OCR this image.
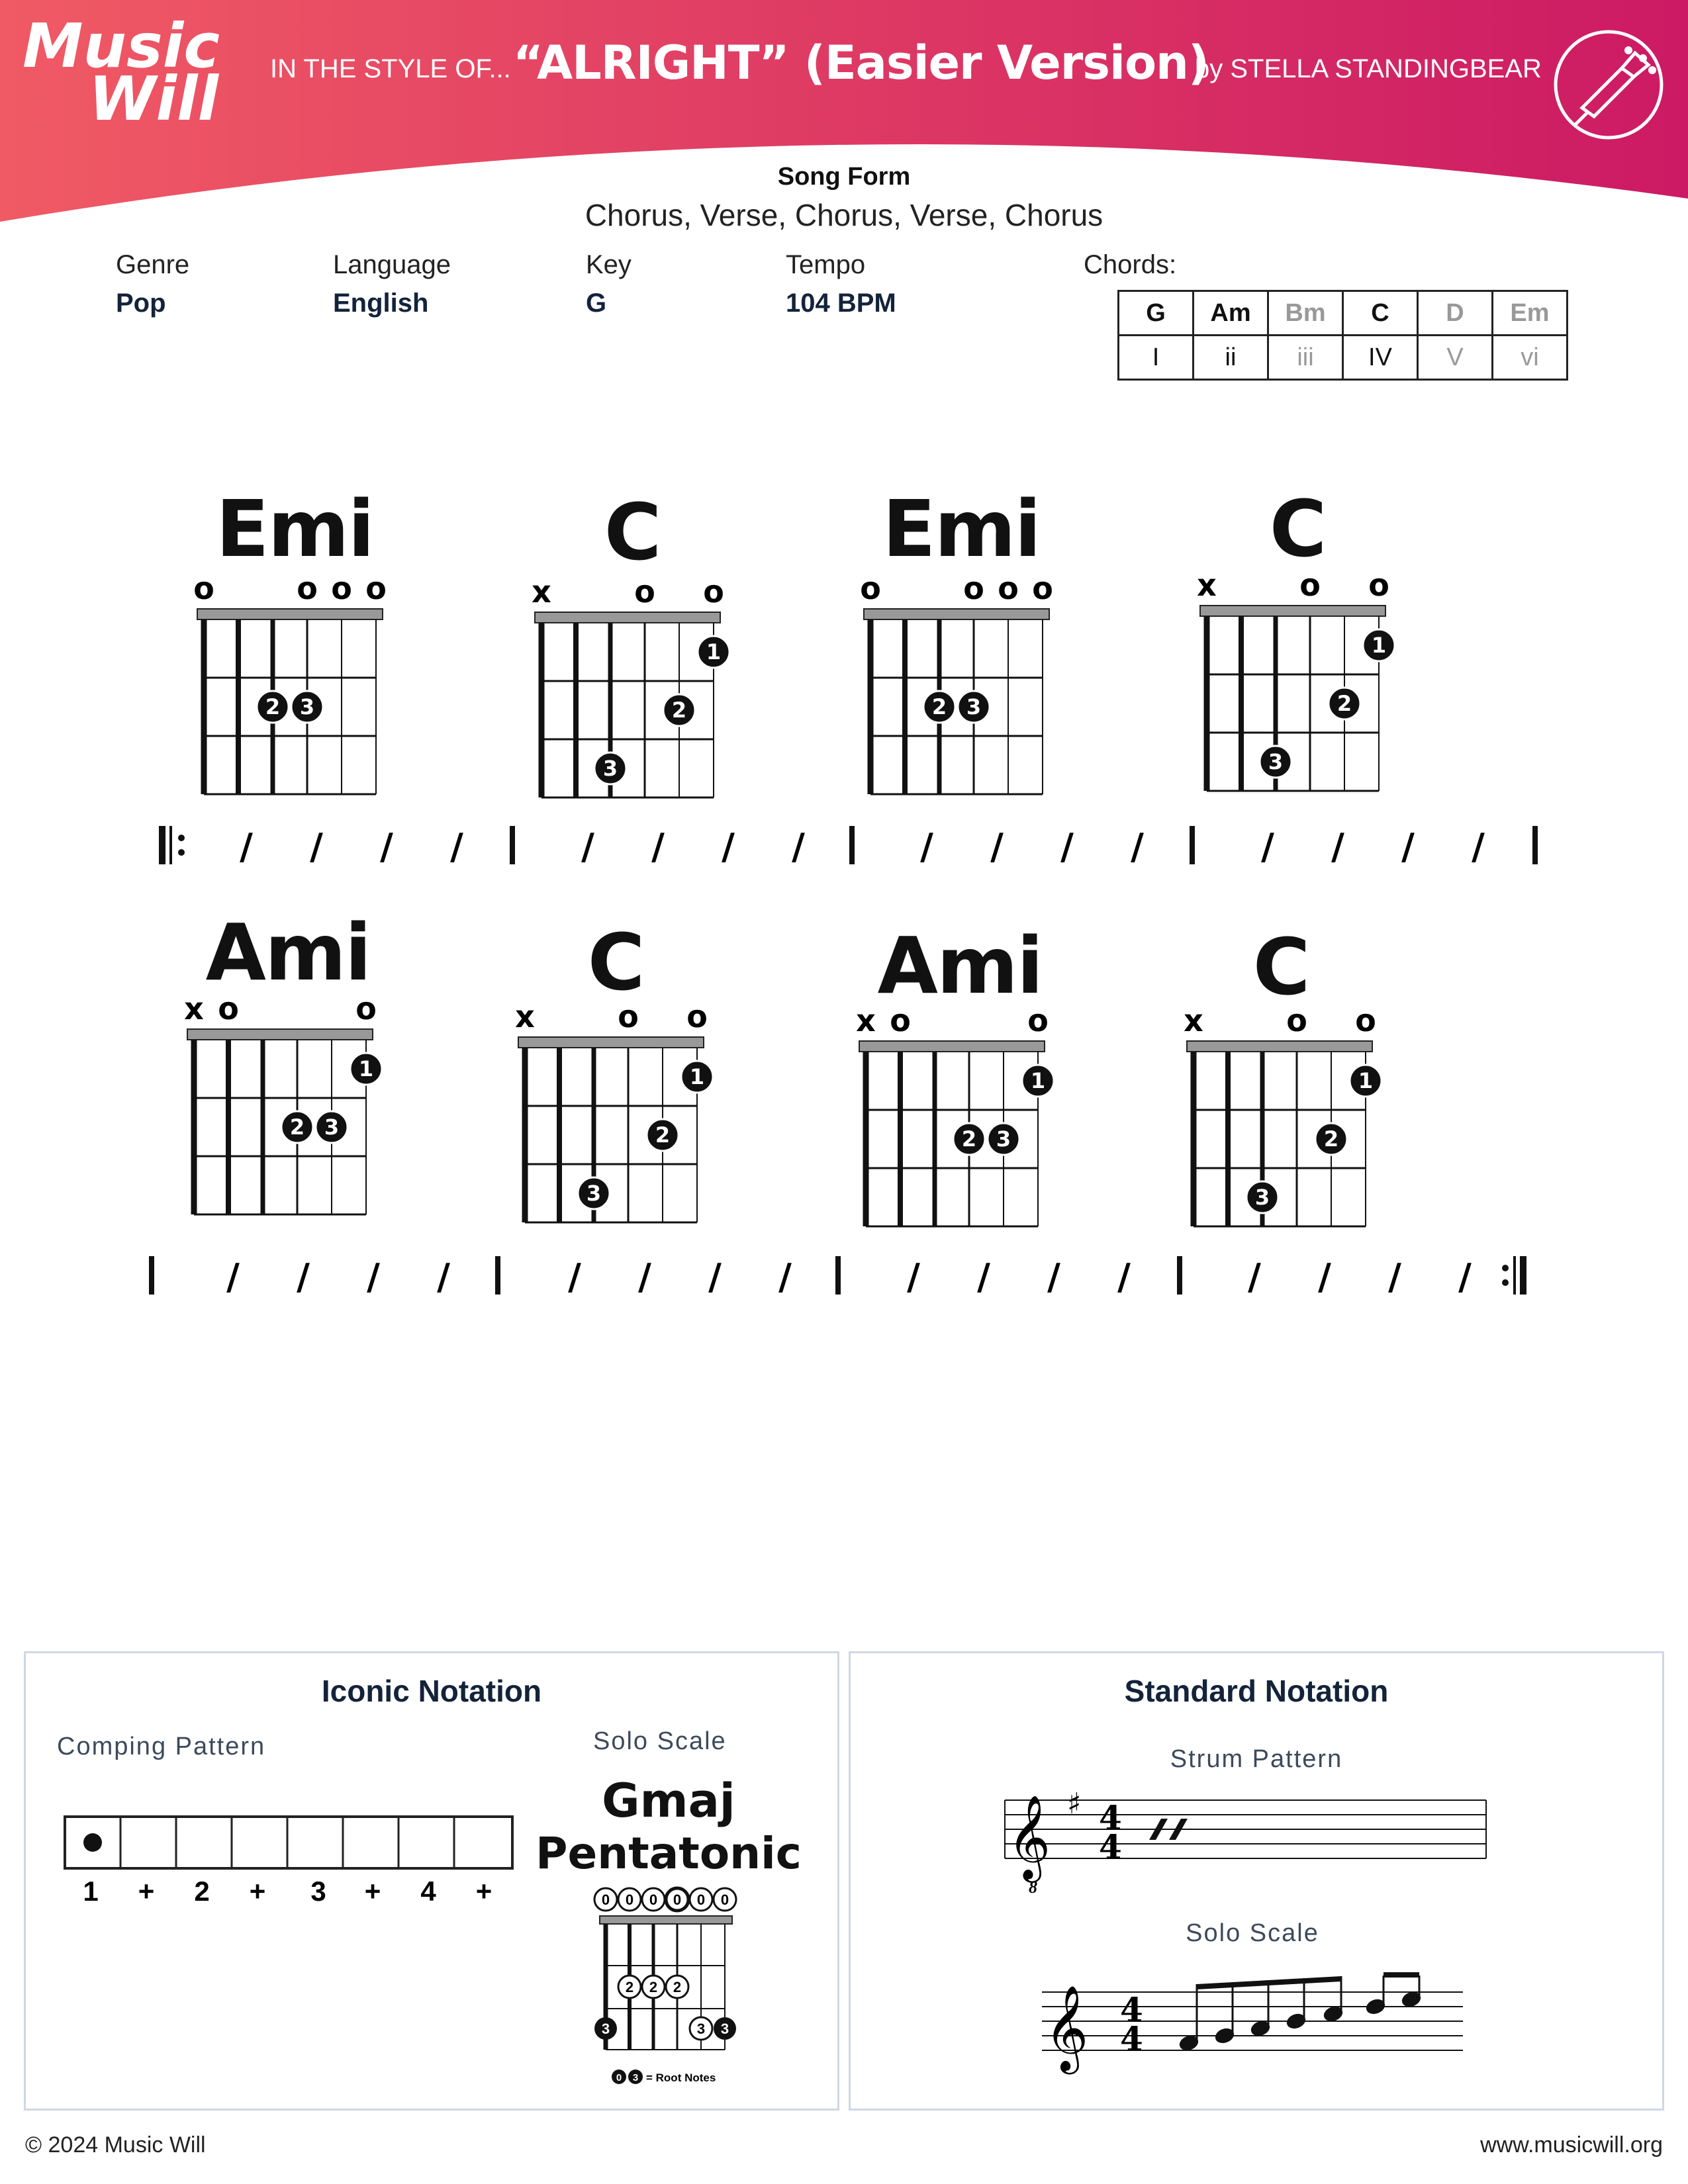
Music
Will IN THE STYLE OF... “ALRIGHT” (Easier Version)
by STELLA STANDINGBEAR
Song Form
Chorus, Verse, Chorus, Verse, Chorus
Genre
Pop
Language
English
Key
G
Tempo
104 BPM
Chords:
G	Am	Bm	C	D	Em
I	ii	iii	IV	V	vi
Emi	C	Emi	C
Ami	C	Ami	C
o	o o o
2 3
x	o o
1
2
3
o	o o o
2 3
x	o o
1
2
3
x o	o
1
2 3
x	o o
1
2
3
x o	o
1
2 3
x	o o
1
2
3
/ / / /	/ / / /	/ / / /	/ / / /
/ / / /	/ / / /	/ / / /	/ / / /
Iconic Notation
Comping Pattern
1 + 2 + 3 + 4 +
Solo Scale
Gmaj
Pentatonic
0 0 0 0 0 0
2 2 2
3	3 3
0 3 = Root Notes
Standard Notation
Strum Pattern
𝄞
8
♯ 4
4
Solo Scale
𝄞 4
4
© 2024 Music Will	www.musicwill.org
